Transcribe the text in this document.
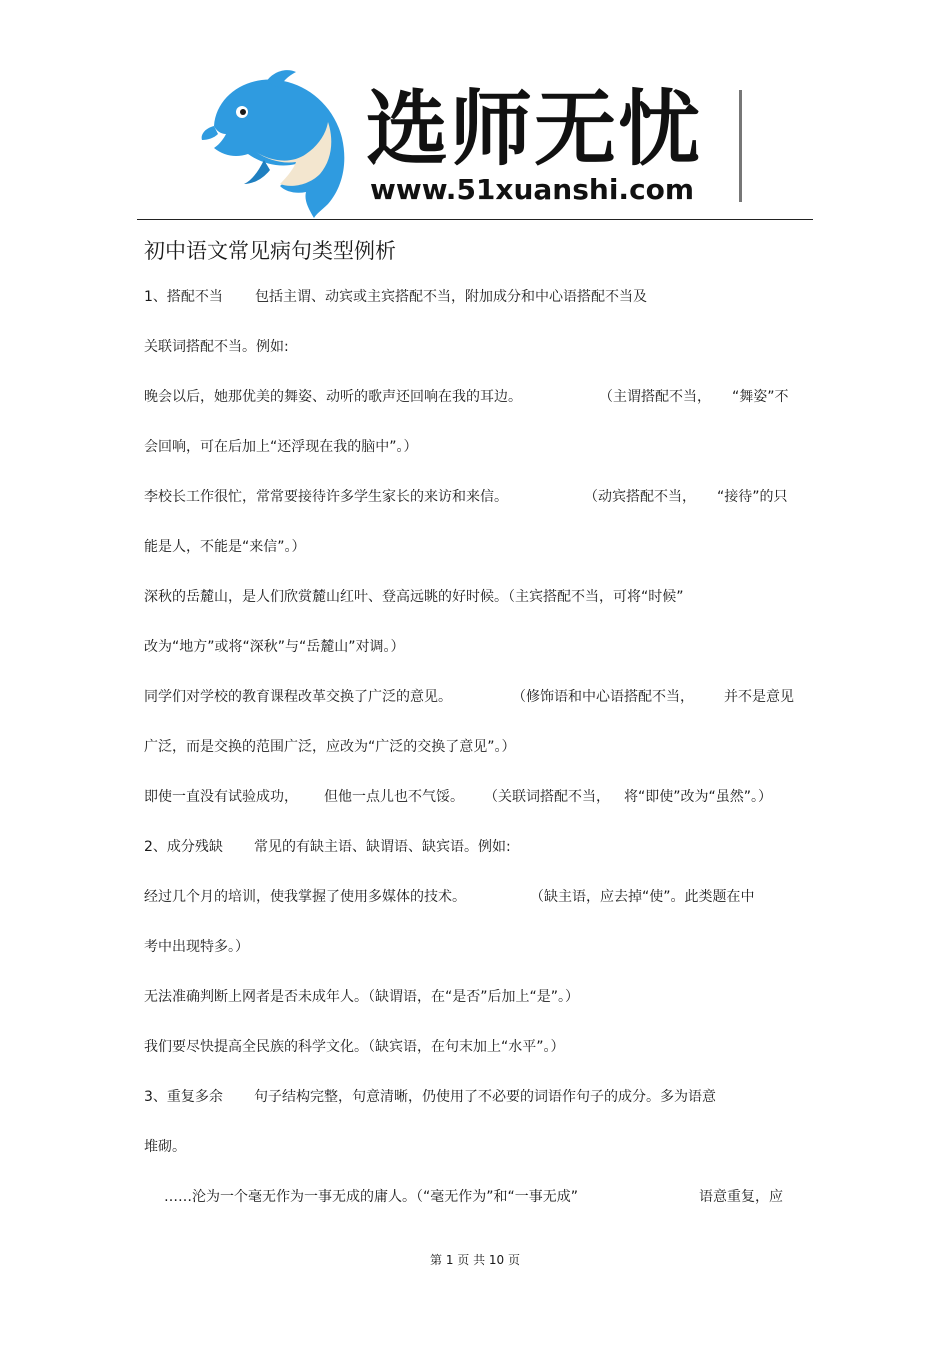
选师无忧
www.51xuanshi.com
初中语文常见病句类型例析
1、搭配不当 包括主谓、动宾或主宾搭配不当，附加成分和中心语搭配不当及
关联词搭配不当。例如:
晚会以后，她那优美的舞姿、动听的歌声还回响在我的耳边。	（主谓搭配不当， “舞姿”不
会回响，可在后加上“还浮现在我的脑中”。）
李校长工作很忙，常常要接待许多学生家长的来访和来信。	（动宾搭配不当， “接待”的只
能是人，不能是“来信”。）
深秋的岳麓山，是人们欣赏麓山红叶、登高远眺的好时候。（主宾搭配不当，可将“时候”
改为“地方”或将“深秋”与“岳麓山”对调。）
同学们对学校的教育课程改革交换了广泛的意见。	（修饰语和中心语搭配不当， 并不是意见
广泛，而是交换的范围广泛，应改为“广泛的交换了意见”。）
即使一直没有试验成功， 但他一点儿也不气馁。 （关联词搭配不当， 将“即使”改为“虽然”。）
2、成分残缺 常见的有缺主语、缺谓语、缺宾语。例如:
经过几个月的培训，使我掌握了使用多媒体的技术。	（缺主语，应去掉“使”。此类题在中
考中出现特多。）
无法准确判断上网者是否未成年人。（缺谓语，在“是否”后加上“是”。）
我们要尽快提高全民族的科学文化。（缺宾语，在句末加上“水平”。）
3、重复多余 句子结构完整，句意清晰，仍使用了不必要的词语作句子的成分。多为语意
堆砌。
……沦为一个毫无作为一事无成的庸人。（“毫无作为”和“一事无成”	语意重复，应
第 1 页 共 10 页
